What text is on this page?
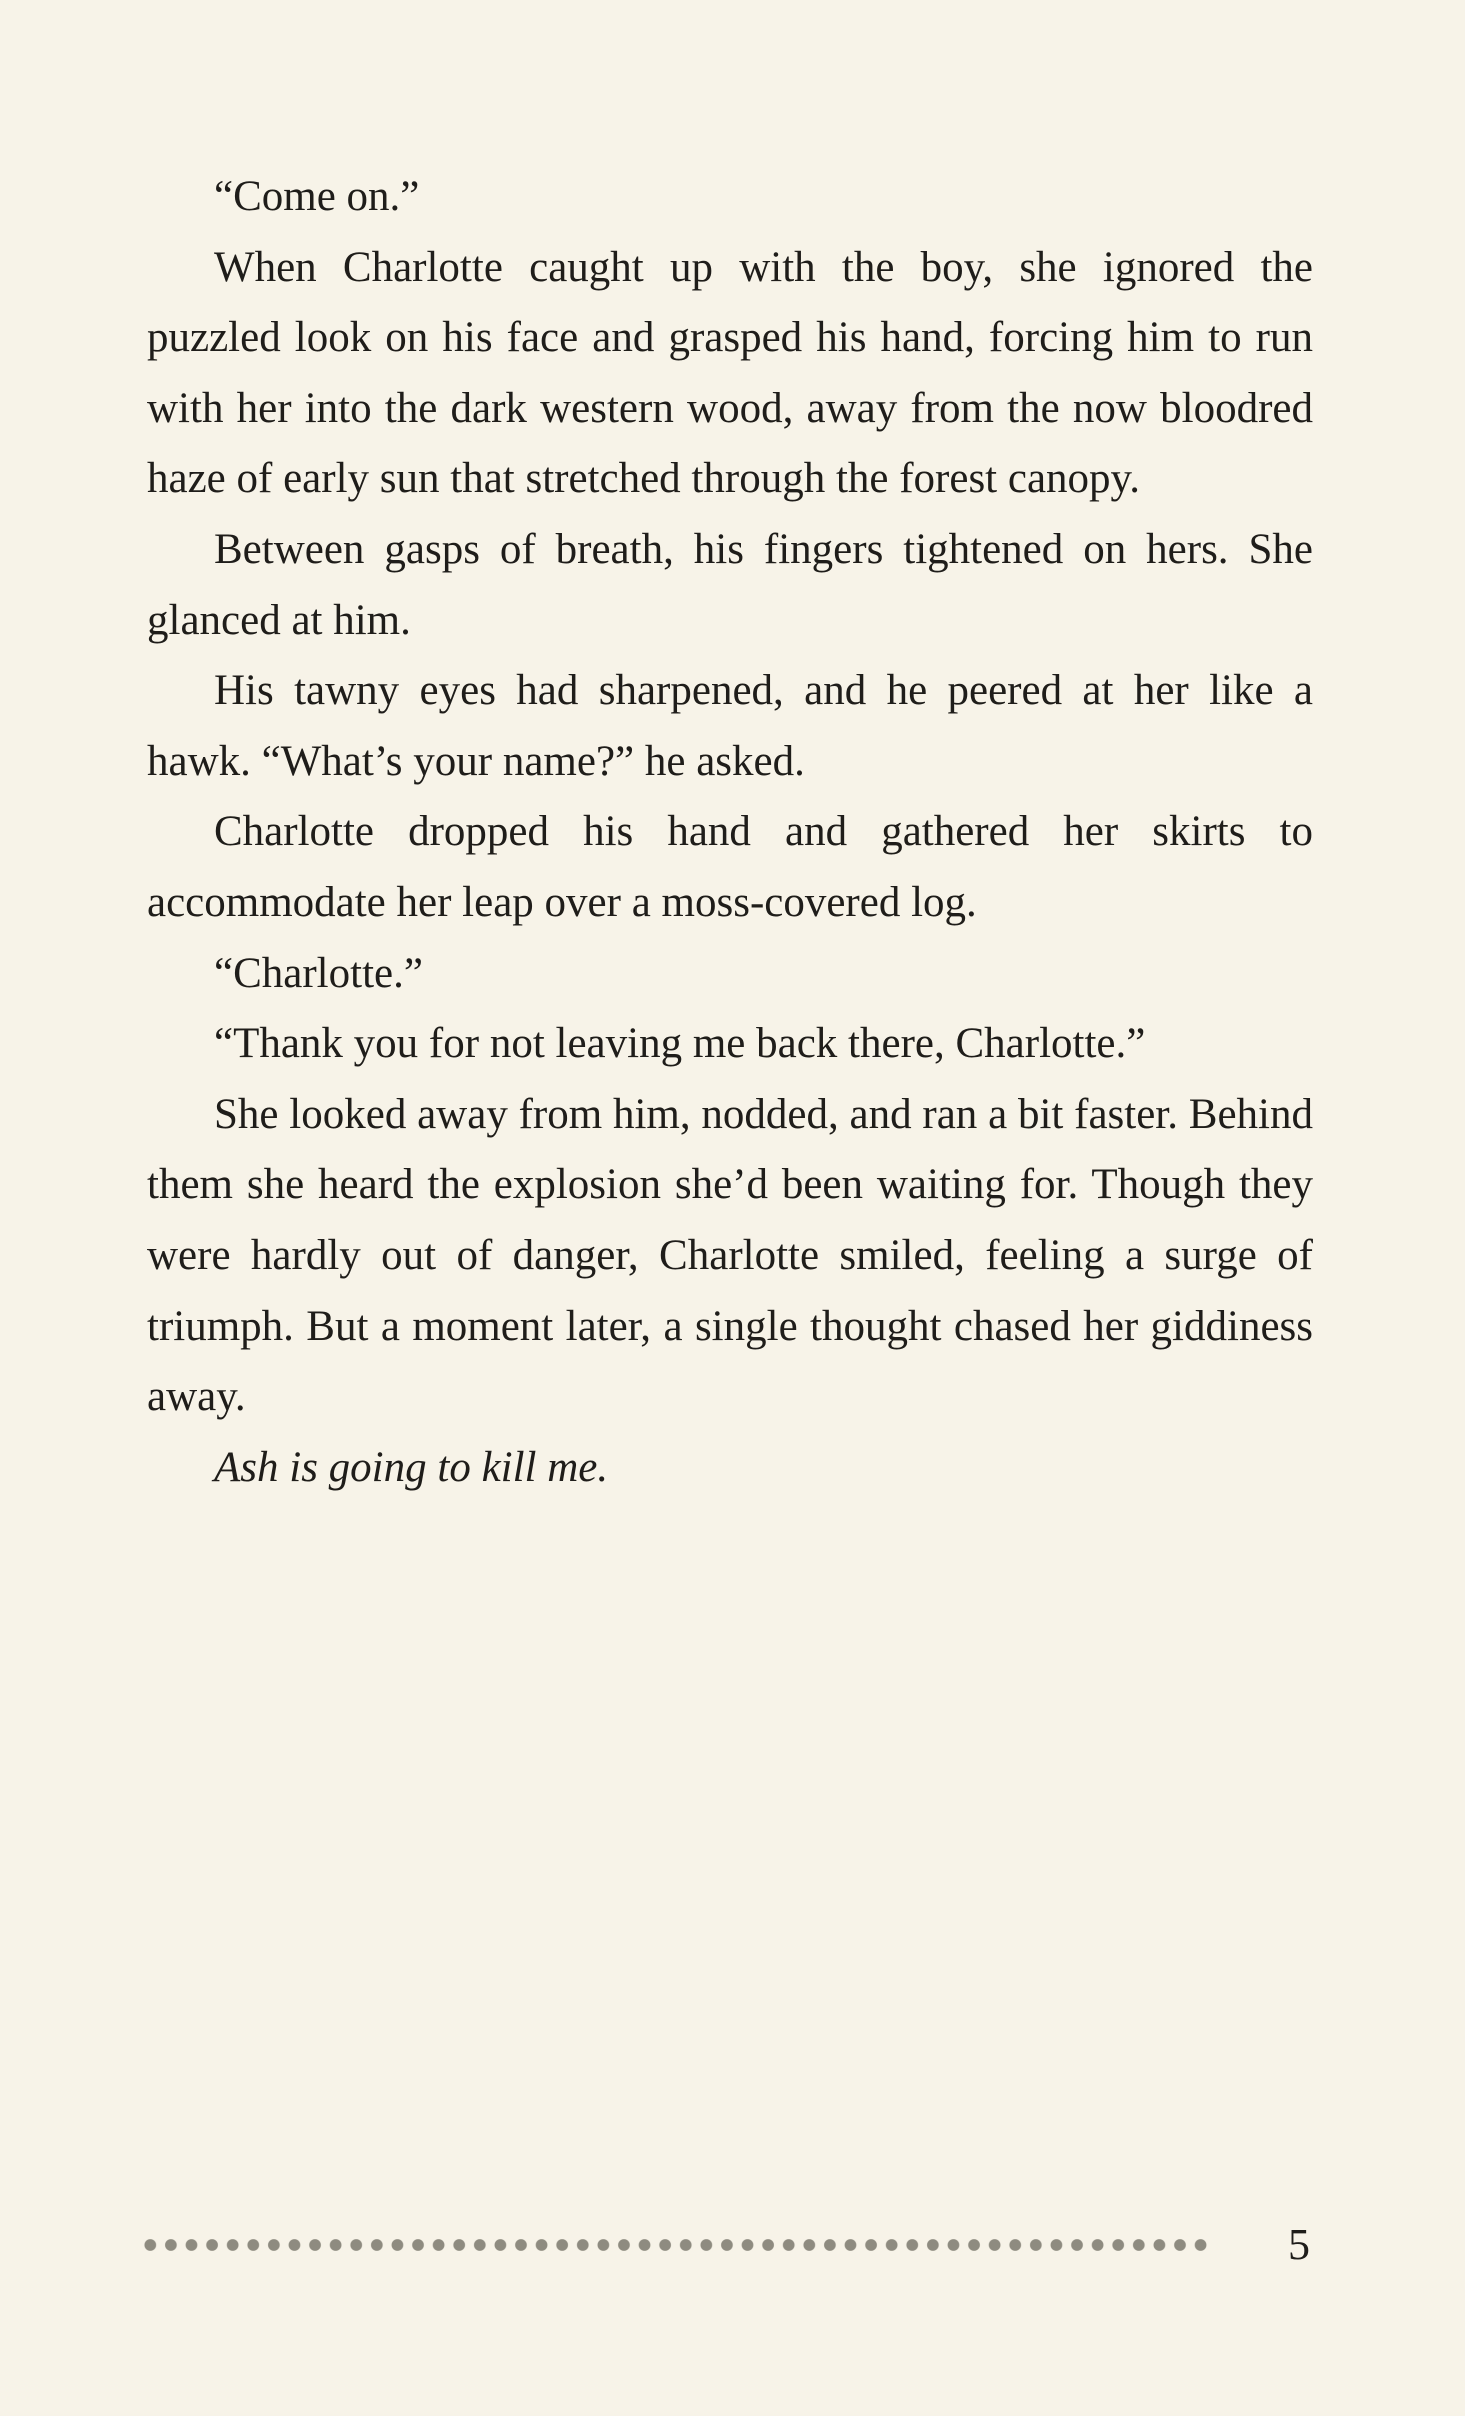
“Come on.”

When Charlotte caught up with the boy, she ignored the puzzled look on his face and grasped his hand, forcing him to run with her into the dark western wood, away from the now bloodred haze of early sun that stretched through the forest canopy.

Between gasps of breath, his fingers tightened on hers. She glanced at him.

His tawny eyes had sharpened, and he peered at her like a hawk. “What’s your name?” he asked.

Charlotte dropped his hand and gathered her skirts to accommodate her leap over a moss-covered log.

“Charlotte.”

“Thank you for not leaving me back there, Charlotte.”

She looked away from him, nodded, and ran a bit faster. Behind them she heard the explosion she’d been waiting for. Though they were hardly out of danger, Charlotte smiled, feeling a surge of triumph. But a moment later, a single thought chased her giddiness away.

Ash is going to kill me.

5
